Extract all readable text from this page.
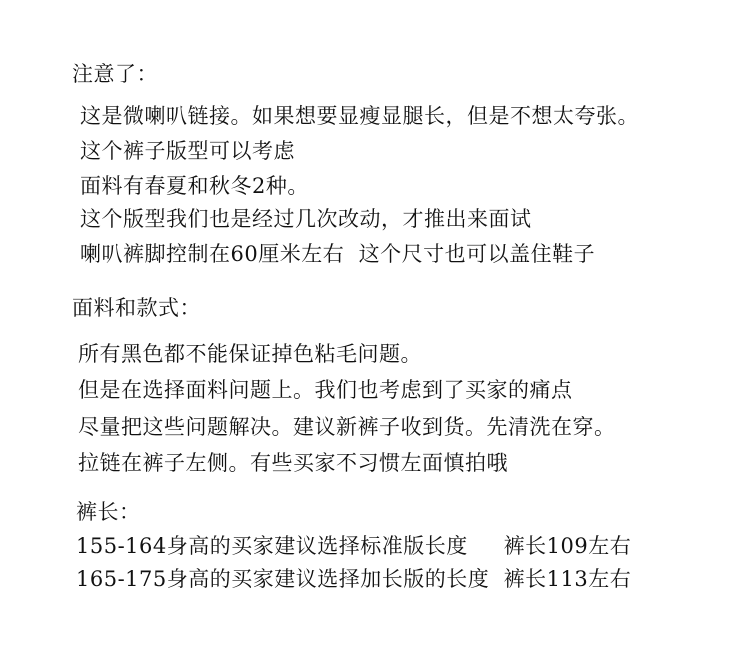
注意了：
这是微喇叭链接。如果想要显瘦显腿长，但是不想太夸张。
这个裤子版型可以考虑
面料有春夏和秋冬2种。
这个版型我们也是经过几次改动，才推出来面试
喇叭裤脚控制在60厘米左右  这个尺寸也可以盖住鞋子
面料和款式：
所有黑色都不能保证掉色粘毛问题。
但是在选择面料问题上。我们也考虑到了买家的痛点
尽量把这些问题解决。建议新裤子收到货。先清洗在穿。
拉链在裤子左侧。有些买家不习惯左面慎拍哦
裤长：
155-164身高的买家建议选择标准版长度     裤长109左右
165-175身高的买家建议选择加长版的长度  裤长113左右
